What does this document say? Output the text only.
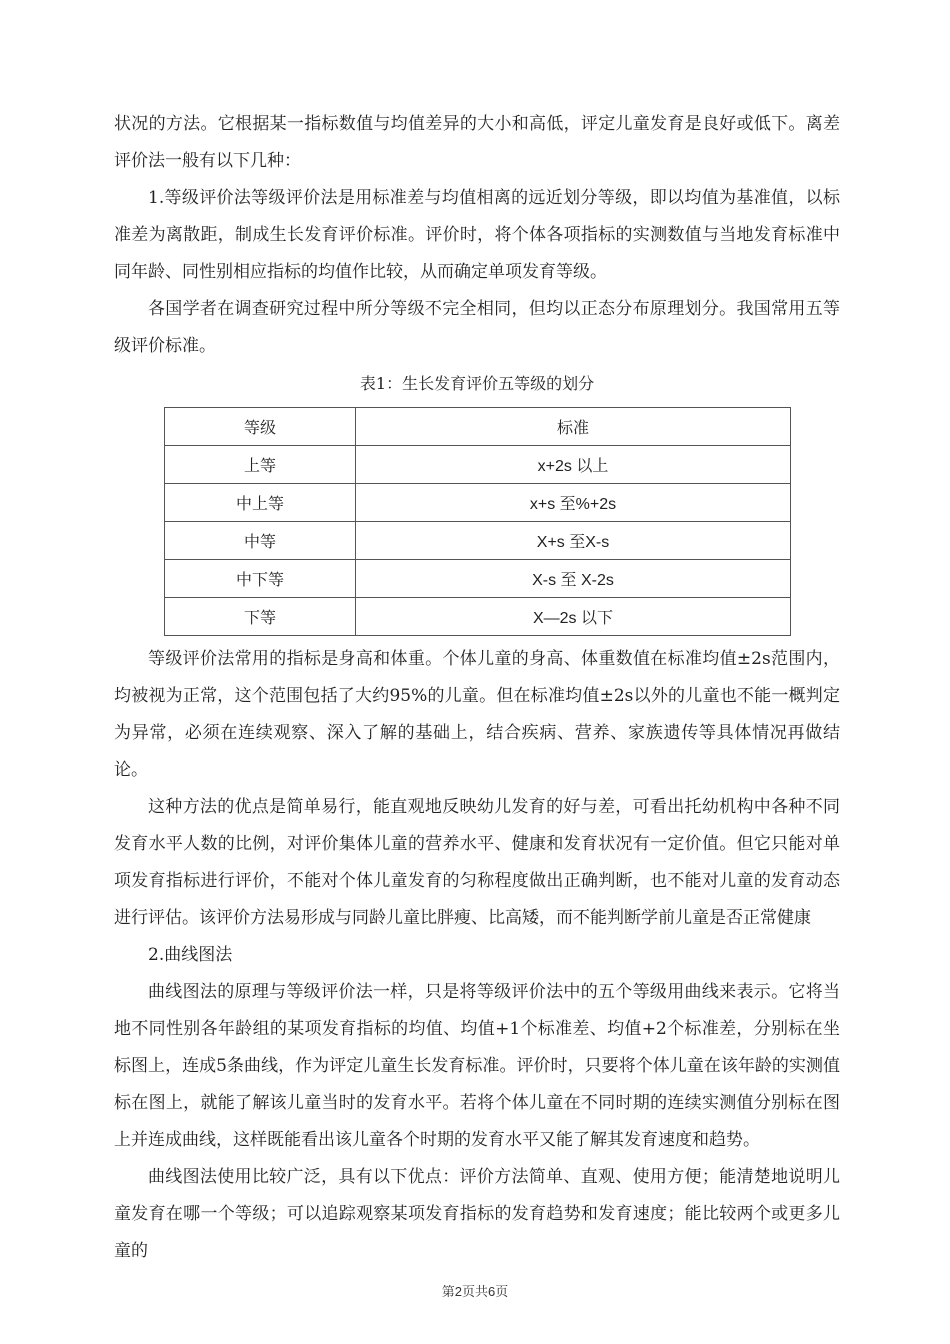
状况的方法。它根据某一指标数值与均值差异的大小和高低，评定儿童发育是良好或低下。离差评价法一般有以下几种：

1.等级评价法等级评价法是用标准差与均值相离的远近划分等级，即以均值为基准值，以标准差为离散距，制成生长发育评价标准。评价时，将个体各项指标的实测数值与当地发育标准中同年龄、同性别相应指标的均值作比较，从而确定单项发育等级。

各国学者在调查研究过程中所分等级不完全相同，但均以正态分布原理划分。我国常用五等级评价标准。

表1：生长发育评价五等级的划分
等级	标准
上等	x+2s 以上
中上等	x+s 至%+2s
中等	X+s 至X-s
中下等	X-s 至 X-2s
下等	X—2s 以下

等级评价法常用的指标是身高和体重。个体儿童的身高、体重数值在标准均值±2s范围内，均被视为正常，这个范围包括了大约95%的儿童。但在标准均值±2s以外的儿童也不能一概判定为异常，必须在连续观察、深入了解的基础上，结合疾病、营养、家族遗传等具体情况再做结论。

这种方法的优点是简单易行，能直观地反映幼儿发育的好与差，可看出托幼机构中各种不同发育水平人数的比例，对评价集体儿童的营养水平、健康和发育状况有一定价值。但它只能对单项发育指标进行评价，不能对个体儿童发育的匀称程度做出正确判断，也不能对儿童的发育动态进行评估。该评价方法易形成与同龄儿童比胖瘦、比高矮，而不能判断学前儿童是否正常健康

2.曲线图法

曲线图法的原理与等级评价法一样，只是将等级评价法中的五个等级用曲线来表示。它将当地不同性别各年龄组的某项发育指标的均值、均值+1个标准差、均值+2个标准差，分别标在坐标图上，连成5条曲线，作为评定儿童生长发育标准。评价时，只要将个体儿童在该年龄的实测值标在图上，就能了解该儿童当时的发育水平。若将个体儿童在不同时期的连续实测值分别标在图上并连成曲线，这样既能看出该儿童各个时期的发育水平又能了解其发育速度和趋势。

曲线图法使用比较广泛，具有以下优点：评价方法简单、直观、使用方便；能清楚地说明儿童发育在哪一个等级；可以追踪观察某项发育指标的发育趋势和发育速度；能比较两个或更多儿童的

第2页共6页
